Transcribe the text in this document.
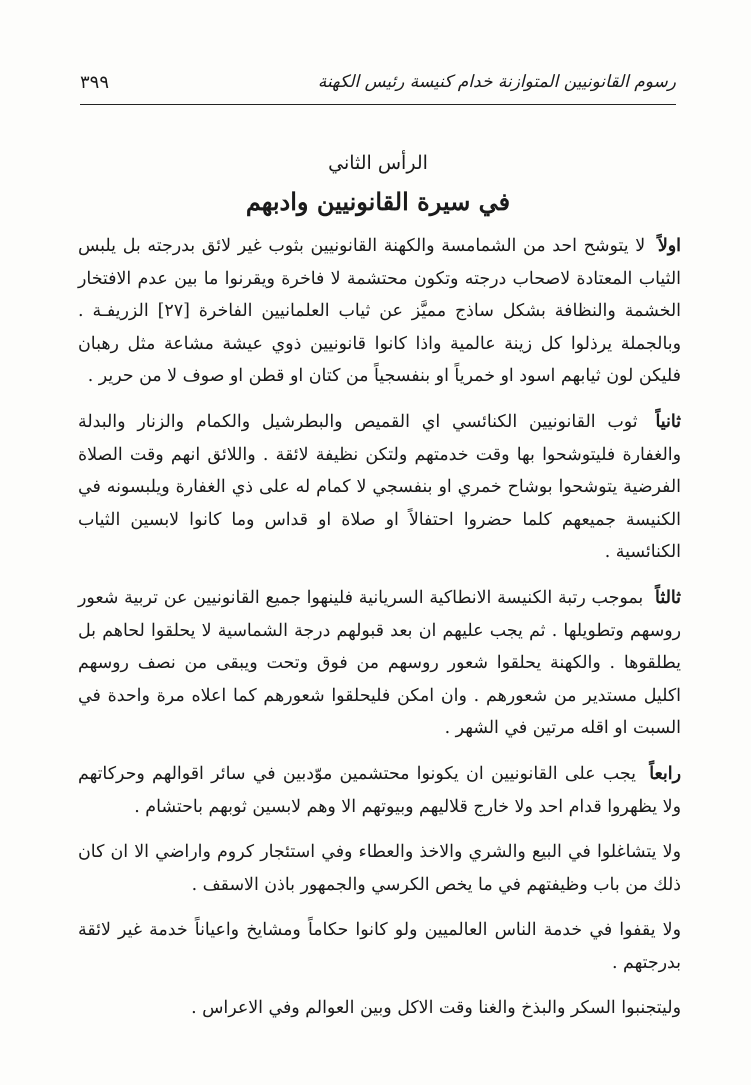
رسوم القانونيين المتوازنة خدام كنيسة رئيس الكهنة
٣٩٩
الرأس الثاني
في سيرة القانونيين وادبهم

اولاً لا يتوشح احد من الشمامسة والكهنة القانونيين بثوب غير لائق بدرجته بل يلبس الثياب المعتادة لاصحاب درجته وتكون محتشمة لا فاخرة ويقرنوا ما بين عدم الافتخار الخشمة والنظافة بشكل ساذج مميَّز عن ثياب العلمانيين الفاخرة [٢٧] الزريفـة . وبالجملة يرذلوا كل زينة عالمية واذا كانوا قانونيين ذوي عيشة مشاعة مثل رهبان فليكن لون ثيابهم اسود او خمرياً او بنفسجياً من كتان او قطن او صوف لا من حرير .

ثانياً ثوب القانونيين الكنائسي اي القميص والبطرشيل والكمام والزنار والبدلة والغفارة فليتوشحوا بها وقت خدمتهم ولتكن نظيفة لائقة . واللائق انهم وقت الصلاة الفرضية يتوشحوا بوشاح خمري او بنفسجي لا كمام له على ذي الغفارة ويلبسونه في الكنيسة جميعهم كلما حضروا احتفالاً او صلاة او قداس وما كانوا لابسين الثياب الكنائسية .

ثالثاً بموجب رتبة الكنيسة الانطاكية السريانية فلينهوا جميع القانونيين عن تربية شعور روسهم وتطويلها . ثم يجب عليهم ان بعد قبولهم درجة الشماسية لا يحلقوا لحاهم بل يطلقوها . والكهنة يحلقوا شعور روسهم من فوق وتحت ويبقى من نصف روسهم اكليل مستدير من شعورهم . وان امكن فليحلقوا شعورهم كما اعلاه مرة واحدة في السبت او اقله مرتين في الشهر .

رابعاً يجب على القانونيين ان يكونوا محتشمين موّدبين في سائر اقوالهم وحركاتهم ولا يظهروا قدام احد ولا خارج قلاليهم وبيوتهم الا وهم لابسين ثوبهم باحتشام .

ولا يتشاغلوا في البيع والشري والاخذ والعطاء وفي استئجار كروم واراضي الا ان كان ذلك من باب وظيفتهم في ما يخص الكرسي والجمهور باذن الاسقف .

ولا يقفوا في خدمة الناس العالميين ولو كانوا حكاماً ومشايخ واعياناً خدمة غير لائقة بدرجتهم .

وليتجنبوا السكر والبذخ والغنا وقت الاكل وبين العوالم وفي الاعراس .
